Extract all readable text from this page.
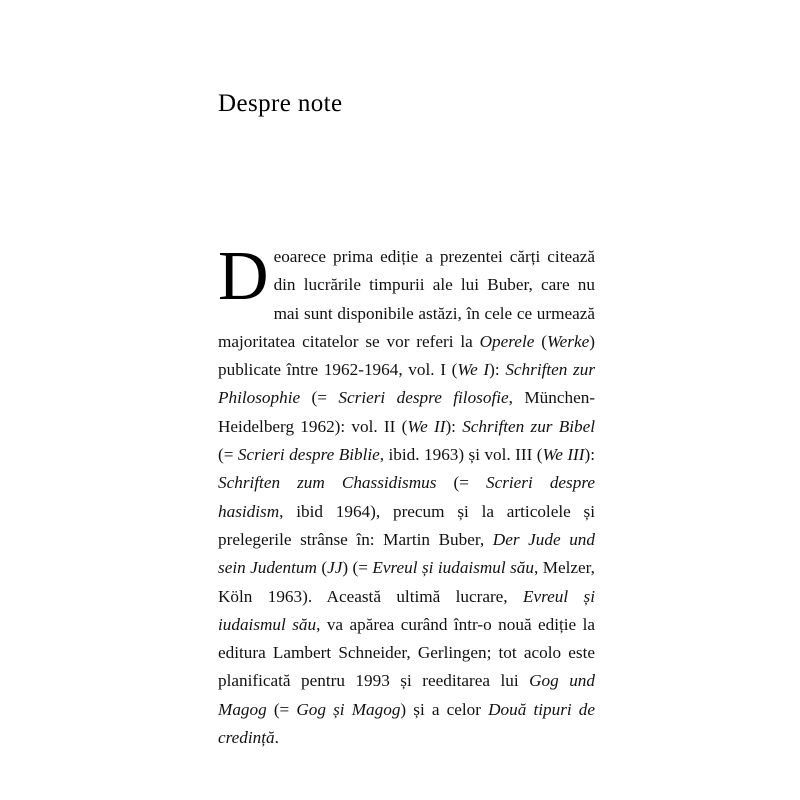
Despre note

Deoarece prima ediție a prezentei cărți citează din lucrările timpurii ale lui Buber, care nu mai sunt disponibile astăzi, în cele ce urmează majoritatea citatelor se vor referi la Operele (Werke) publicate între 1962-1964, vol. I (We I): Schriften zur Philosophie (= Scrieri despre filosofie, München-Heidelberg 1962): vol. II (We II): Schriften zur Bibel (= Scrieri despre Biblie, ibid. 1963) și vol. III (We III): Schriften zum Chassidismus (= Scrieri despre hasidism, ibid 1964), precum și la articolele și prelegerile strânse în: Martin Buber, Der Jude und sein Judentum (JJ) (= Evreul și iudaismul său, Melzer, Köln 1963). Această ultimă lucrare, Evreul și iudaismul său, va apărea curând într-o nouă ediție la editura Lambert Schneider, Gerlingen; tot acolo este planificată pentru 1993 și reeditarea lui Gog und Magog (= Gog și Magog) și a celor Două tipuri de credință.
